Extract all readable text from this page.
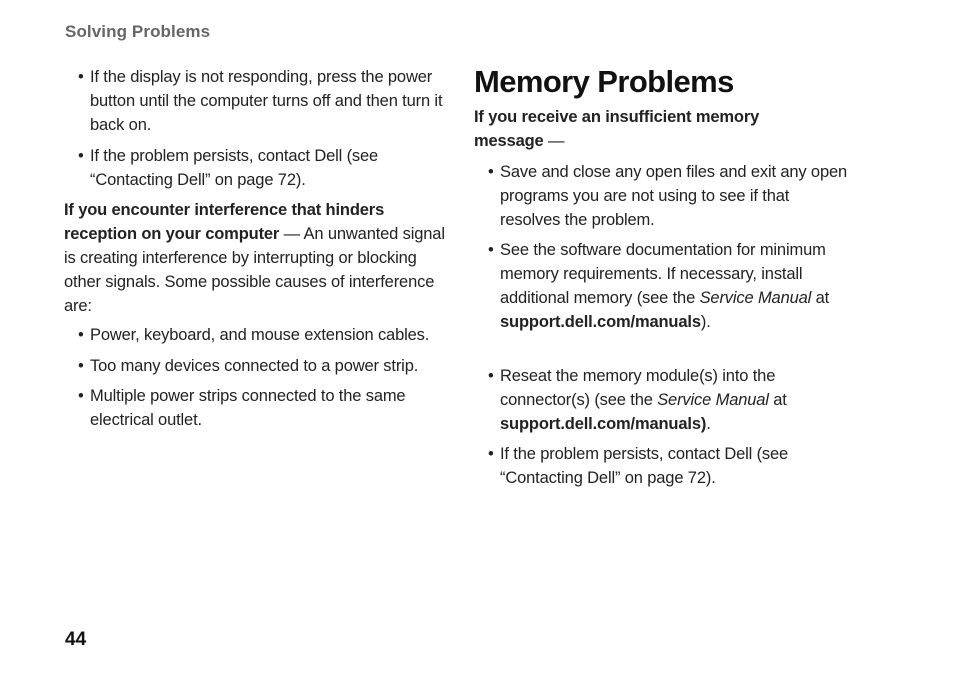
Solving Problems
• If the display is not responding, press the power button until the computer turns off and then turn it back on.
• If the problem persists, contact Dell (see “Contacting Dell” on page 72).
If you encounter interference that hinders reception on your computer — An unwanted signal is creating interference by interrupting or blocking other signals. Some possible causes of interference are:
• Power, keyboard, and mouse extension cables.
• Too many devices connected to a power strip.
• Multiple power strips connected to the same electrical outlet.
Memory Problems
If you receive an insufficient memory message —
• Save and close any open files and exit any open programs you are not using to see if that resolves the problem.
• See the software documentation for minimum memory requirements. If necessary, install additional memory (see the Service Manual at support.dell.com/manuals).
• Reseat the memory module(s) into the connector(s) (see the Service Manual at support.dell.com/manuals).
• If the problem persists, contact Dell (see “Contacting Dell” on page 72).
44
